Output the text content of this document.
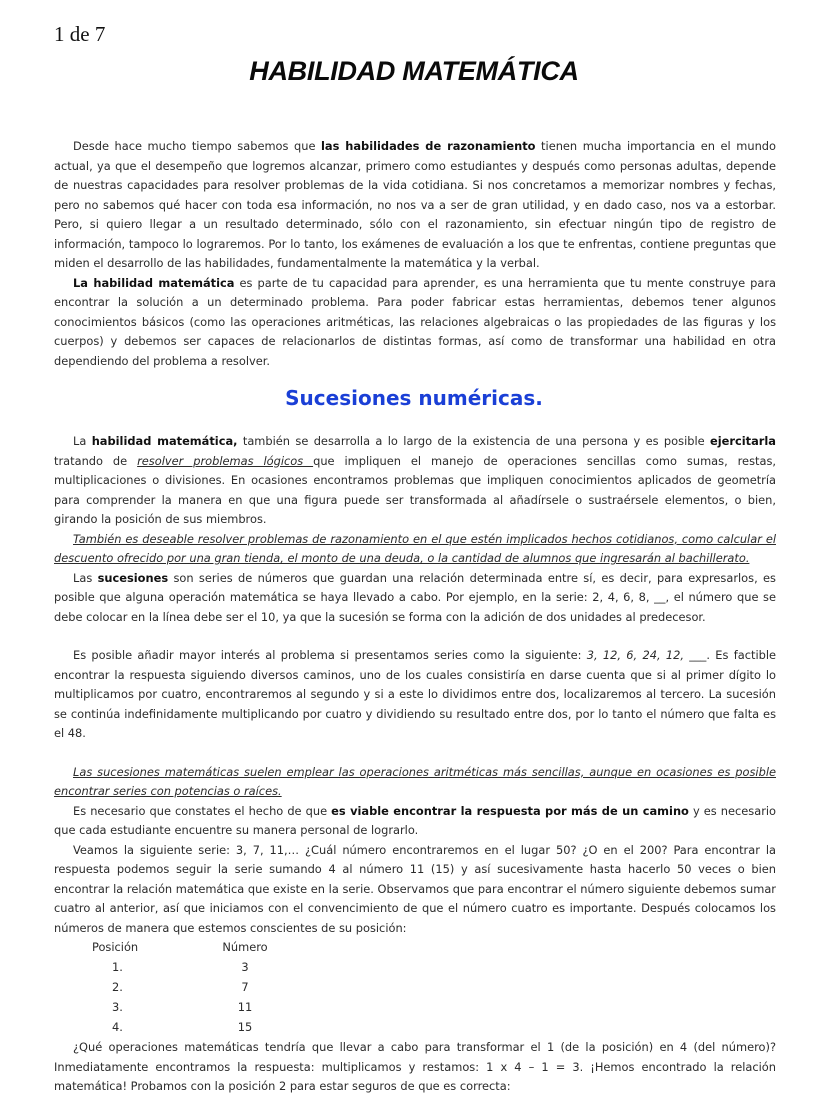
1 de 7
HABILIDAD MATEMÁTICA

Desde hace mucho tiempo sabemos que las habilidades de razonamiento tienen mucha importancia en el mundo actual, ya que el desempeño que logremos alcanzar, primero como estudiantes y después como personas adultas, depende de nuestras capacidades para resolver problemas de la vida cotidiana. Si nos concretamos a memorizar nombres y fechas, pero no sabemos qué hacer con toda esa información, no nos va a ser de gran utilidad, y en dado caso, nos va a estorbar. Pero, si quiero llegar a un resultado determinado, sólo con el razonamiento, sin efectuar ningún tipo de registro de información, tampoco lo lograremos. Por lo tanto, los exámenes de evaluación a los que te enfrentas, contiene preguntas que miden el desarrollo de las habilidades, fundamentalmente la matemática y la verbal.

La habilidad matemática es parte de tu capacidad para aprender, es una herramienta que tu mente construye para encontrar la solución a un determinado problema. Para poder fabricar estas herramientas, debemos tener algunos conocimientos básicos (como las operaciones aritméticas, las relaciones algebraicas o las propiedades de las figuras y los cuerpos) y debemos ser capaces de relacionarlos de distintas formas, así como de transformar una habilidad en otra dependiendo del problema a resolver.

Sucesiones numéricas.

La habilidad matemática, también se desarrolla a lo largo de la existencia de una persona y es posible ejercitarla tratando de resolver problemas lógicos que impliquen el manejo de operaciones sencillas como sumas, restas, multiplicaciones o divisiones. En ocasiones encontramos problemas que impliquen conocimientos aplicados de geometría para comprender la manera en que una figura puede ser transformada al añadírsele o sustraérsele elementos, o bien, girando la posición de sus miembros.

También es deseable resolver problemas de razonamiento en el que estén implicados hechos cotidianos, como calcular el descuento ofrecido por una gran tienda, el monto de una deuda, o la cantidad de alumnos que ingresarán al bachillerato.

Las sucesiones son series de números que guardan una relación determinada entre sí, es decir, para expresarlos, es posible que alguna operación matemática se haya llevado a cabo. Por ejemplo, en la serie: 2, 4, 6, 8, __, el número que se debe colocar en la línea debe ser el 10, ya que la sucesión se forma con la adición de dos unidades al predecesor.

Es posible añadir mayor interés al problema si presentamos series como la siguiente: 3, 12, 6, 24, 12, ___. Es factible encontrar la respuesta siguiendo diversos caminos, uno de los cuales consistiría en darse cuenta que si al primer dígito lo multiplicamos por cuatro, encontraremos al segundo y si a este lo dividimos entre dos, localizaremos al tercero. La sucesión se continúa indefinidamente multiplicando por cuatro y dividiendo su resultado entre dos, por lo tanto el número que falta es el 48.

Las sucesiones matemáticas suelen emplear las operaciones aritméticas más sencillas, aunque en ocasiones es posible encontrar series con potencias o raíces.

Es necesario que constates el hecho de que es viable encontrar la respuesta por más de un camino y es necesario que cada estudiante encuentre su manera personal de lograrlo.

Veamos la siguiente serie: 3, 7, 11,… ¿Cuál número encontraremos en el lugar 50? ¿O en el 200? Para encontrar la respuesta podemos seguir la serie sumando 4 al número 11 (15) y así sucesivamente hasta hacerlo 50 veces o bien encontrar la relación matemática que existe en la serie. Observamos que para encontrar el número siguiente debemos sumar cuatro al anterior, así que iniciamos con el convencimiento de que el número cuatro es importante. Después colocamos los números de manera que estemos conscientes de su posición:

Posición	Número
1.	3
2.	7
3.	11
4.	15

¿Qué operaciones matemáticas tendría que llevar a cabo para transformar el 1 (de la posición) en 4 (del número)? Inmediatamente encontramos la respuesta: multiplicamos y restamos: 1 x 4 – 1 = 3. ¡Hemos encontrado la relación matemática! Probamos con la posición 2 para estar seguros de que es correcta:
